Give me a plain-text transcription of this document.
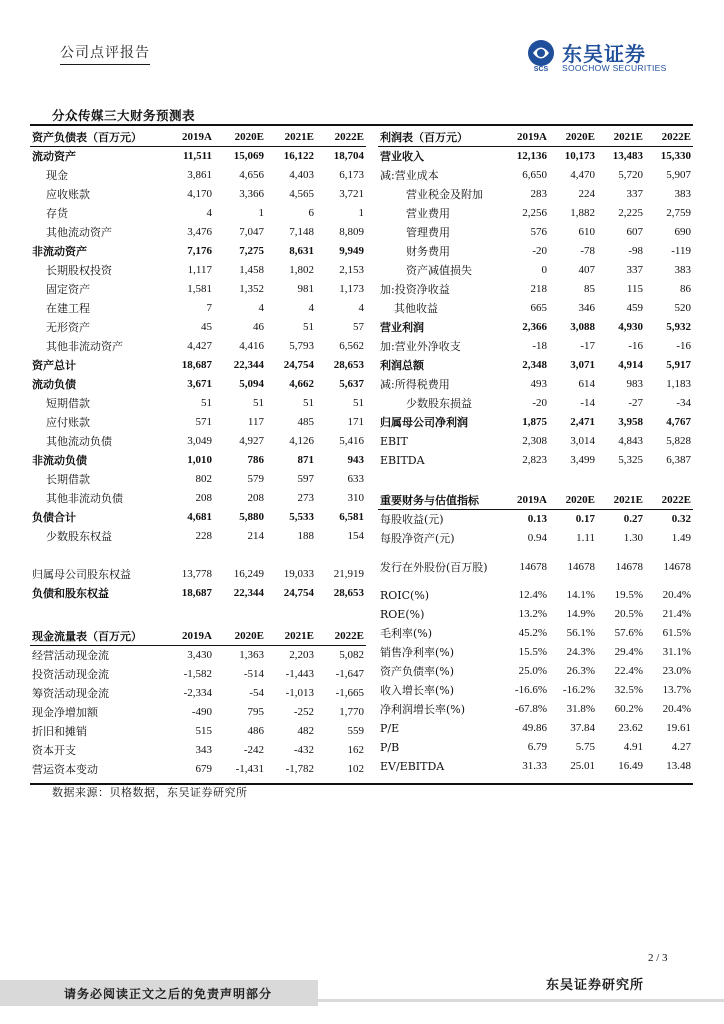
公司点评报告
SCS
东吴证券
SOOCHOW SECURITIES
分众传媒三大财务预测表
资产负债表（百万元）	2019A	2020E	2021E	2022E
流动资产	11,511	15,069	16,122	18,704
现金	3,861	4,656	4,403	6,173
应收账款	4,170	3,366	4,565	3,721
存货	4	1	6	1
其他流动资产	3,476	7,047	7,148	8,809
非流动资产	7,176	7,275	8,631	9,949
长期股权投资	1,117	1,458	1,802	2,153
固定资产	1,581	1,352	981	1,173
在建工程	7	4	4	4
无形资产	45	46	51	57
其他非流动资产	4,427	4,416	5,793	6,562
资产总计	18,687	22,344	24,754	28,653
流动负债	3,671	5,094	4,662	5,637
短期借款	51	51	51	51
应付账款	571	117	485	171
其他流动负债	3,049	4,927	4,126	5,416
非流动负债	1,010	786	871	943
长期借款	802	579	597	633
其他非流动负债	208	208	273	310
负债合计	4,681	5,880	5,533	6,581
少数股东权益	228	214	188	154

归属母公司股东权益	13,778	16,249	19,033	21,919
负债和股东权益	18,687	22,344	24,754	28,653
利润表（百万元）	2019A	2020E	2021E	2022E
营业收入	12,136	10,173	13,483	15,330
减:营业成本	6,650	4,470	5,720	5,907
营业税金及附加	283	224	337	383
营业费用	2,256	1,882	2,225	2,759
管理费用	576	610	607	690
财务费用	-20	-78	-98	-119
资产减值损失	0	407	337	383
加:投资净收益	218	85	115	86
其他收益	665	346	459	520
营业利润	2,366	3,088	4,930	5,932
加:营业外净收支	-18	-17	-16	-16
利润总额	2,348	3,071	4,914	5,917
减:所得税费用	493	614	983	1,183
少数股东损益	-20	-14	-27	-34
归属母公司净利润	1,875	2,471	3,958	4,767
EBIT	2,308	3,014	4,843	5,828
EBITDA	2,823	3,499	5,325	6,387
重要财务与估值指标	2019A	2020E	2021E	2022E
每股收益(元)	0.13	0.17	0.27	0.32
每股净资产(元)	0.94	1.11	1.30	1.49
发行在外股份(百万股)	14678	14678	14678	14678
ROIC(%)	12.4%	14.1%	19.5%	20.4%
ROE(%)	13.2%	14.9%	20.5%	21.4%
毛利率(%)	45.2%	56.1%	57.6%	61.5%
销售净利率(%)	15.5%	24.3%	29.4%	31.1%
资产负债率(%)	25.0%	26.3%	22.4%	23.0%
收入增长率(%)	-16.6%	-16.2%	32.5%	13.7%
净利润增长率(%)	-67.8%	31.8%	60.2%	20.4%
P/E	49.86	37.84	23.62	19.61
P/B	6.79	5.75	4.91	4.27
EV/EBITDA	31.33	25.01	16.49	13.48
现金流量表（百万元）	2019A	2020E	2021E	2022E
经营活动现金流	3,430	1,363	2,203	5,082
投资活动现金流	-1,582	-514	-1,443	-1,647
筹资活动现金流	-2,334	-54	-1,013	-1,665
现金净增加额	-490	795	-252	1,770
折旧和摊销	515	486	482	559
资本开支	343	-242	-432	162
营运资本变动	679	-1,431	-1,782	102
数据来源：贝格数据，东吴证券研究所
2 / 3
请务必阅读正文之后的免责声明部分
东吴证券研究所
